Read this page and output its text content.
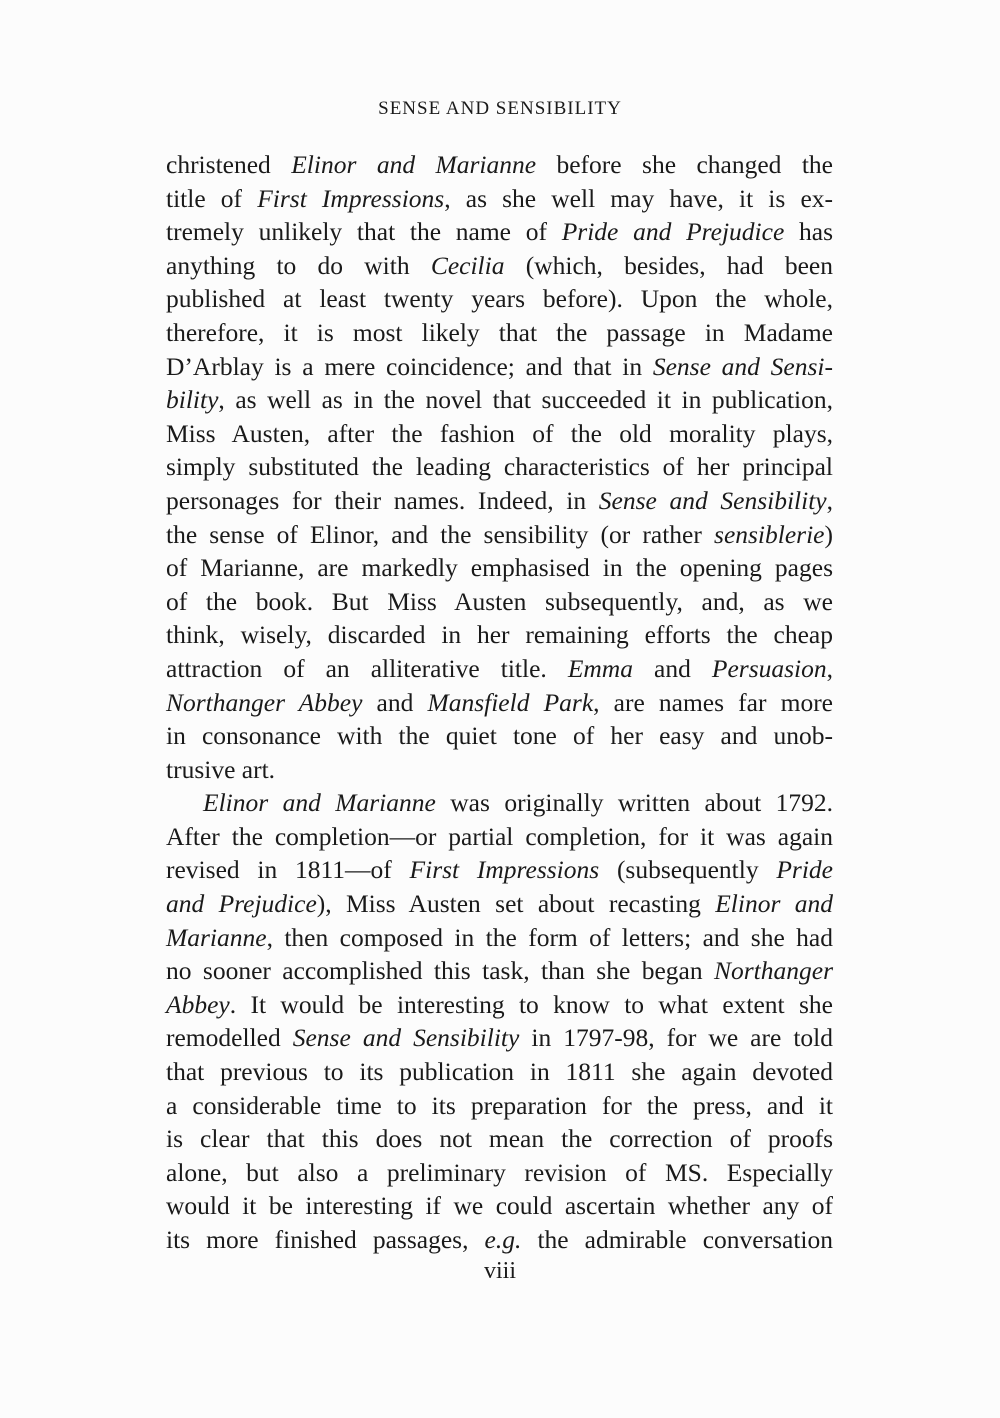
SENSE AND SENSIBILITY
christened Elinor and Marianne before she changed the
title of First Impressions, as she well may have, it is ex-
tremely unlikely that the name of Pride and Prejudice has
anything to do with Cecilia (which, besides, had been
published at least twenty years before). Upon the whole,
therefore, it is most likely that the passage in Madame
D’Arblay is a mere coincidence; and that in Sense and Sensi-
bility, as well as in the novel that succeeded it in publication,
Miss Austen, after the fashion of the old morality plays,
simply substituted the leading characteristics of her principal
personages for their names. Indeed, in Sense and Sensibility,
the sense of Elinor, and the sensibility (or rather sensiblerie)
of Marianne, are markedly emphasised in the opening pages
of the book. But Miss Austen subsequently, and, as we
think, wisely, discarded in her remaining efforts the cheap
attraction of an alliterative title. Emma and Persuasion,
Northanger Abbey and Mansfield Park, are names far more
in consonance with the quiet tone of her easy and unob-
trusive art.
Elinor and Marianne was originally written about 1792.
After the completion—or partial completion, for it was again
revised in 1811—of First Impressions (subsequently Pride
and Prejudice), Miss Austen set about recasting Elinor and
Marianne, then composed in the form of letters; and she had
no sooner accomplished this task, than she began Northanger
Abbey. It would be interesting to know to what extent she
remodelled Sense and Sensibility in 1797-98, for we are told
that previous to its publication in 1811 she again devoted
a considerable time to its preparation for the press, and it
is clear that this does not mean the correction of proofs
alone, but also a preliminary revision of MS. Especially
would it be interesting if we could ascertain whether any of
its more finished passages, e.g. the admirable conversation
viii
